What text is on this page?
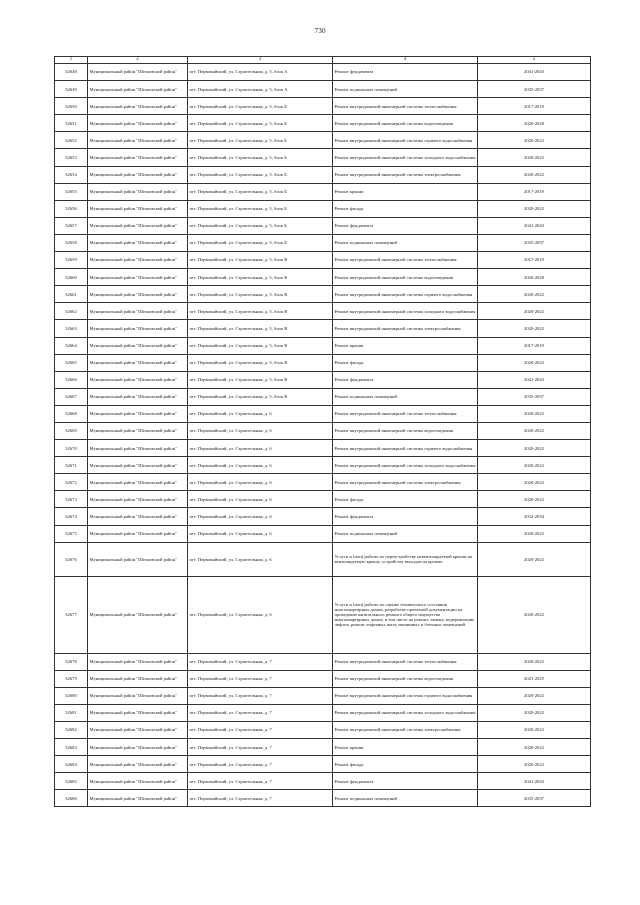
730
1	2	3	4	5
32648	Муниципальный район "Шелковской район"	пгт. Первомайский, ул. Строительная, д. 5, блок А	Ремонт фундамента	2041-2043
32649	Муниципальный район "Шелковской район"	пгт. Первомайский, ул. Строительная, д. 5, блок А	Ремонт подвальных помещений	2035-2037
32650	Муниципальный район "Шелковской район"	пгт. Первомайский, ул. Строительная, д. 5, блок Б	Ремонт внутридомовой инженерной системы теплоснабжения	2017-2019
32651	Муниципальный район "Шелковской район"	пгт. Первомайский, ул. Строительная, д. 5, блок Б	Ремонт внутридомовой инженерной системы водоотведения	2026-2028
32652	Муниципальный район "Шелковской район"	пгт. Первомайский, ул. Строительная, д. 5, блок Б	Ремонт внутридомовой инженерной системы горячего водоснабжения	2020-2022
32653	Муниципальный район "Шелковской район"	пгт. Первомайский, ул. Строительная, д. 5, блок Б	Ремонт внутридомовой инженерной системы холодного водоснабжения	2020-2022
32654	Муниципальный район "Шелковской район"	пгт. Первомайский, ул. Строительная, д. 5, блок Б	Ремонт внутридомовой инженерной системы электроснабжения	2020-2022
32655	Муниципальный район "Шелковской район"	пгт. Первомайский, ул. Строительная, д. 5, блок Б	Ремонт крыши	2017-2019
32656	Муниципальный район "Шелковской район"	пгт. Первомайский, ул. Строительная, д. 5, блок Б	Ремонт фасада	2020-2022
32657	Муниципальный район "Шелковской район"	пгт. Первомайский, ул. Строительная, д. 5, блок Б	Ремонт фундамента	2041-2043
32658	Муниципальный район "Шелковской район"	пгт. Первомайский, ул. Строительная, д. 5, блок Б	Ремонт подвальных помещений	2035-2037
32659	Муниципальный район "Шелковской район"	пгт. Первомайский, ул. Строительная, д. 5, блок В	Ремонт внутридомовой инженерной системы теплоснабжения	2017-2019
32660	Муниципальный район "Шелковской район"	пгт. Первомайский, ул. Строительная, д. 5, блок В	Ремонт внутридомовой инженерной системы водоотведения	2026-2028
32661	Муниципальный район "Шелковской район"	пгт. Первомайский, ул. Строительная, д. 5, блок В	Ремонт внутридомовой инженерной системы горячего водоснабжения	2020-2022
32662	Муниципальный район "Шелковской район"	пгт. Первомайский, ул. Строительная, д. 5, блок В	Ремонт внутридомовой инженерной системы холодного водоснабжения	2020-2022
32663	Муниципальный район "Шелковской район"	пгт. Первомайский, ул. Строительная, д. 5, блок В	Ремонт внутридомовой инженерной системы электроснабжения	2020-2022
32664	Муниципальный район "Шелковской район"	пгт. Первомайский, ул. Строительная, д. 5, блок В	Ремонт крыши	2017-2019
32665	Муниципальный район "Шелковской район"	пгт. Первомайский, ул. Строительная, д. 5, блок В	Ремонт фасада	2020-2022
32666	Муниципальный район "Шелковской район"	пгт. Первомайский, ул. Строительная, д. 5, блок В	Ремонт фундамента	2041-2043
32667	Муниципальный район "Шелковской район"	пгт. Первомайский, ул. Строительная, д. 5, блок В	Ремонт подвальных помещений	2035-2037
32668	Муниципальный район "Шелковской район"	пгт. Первомайский, ул. Строительная, д. 6	Ремонт внутридомовой инженерной системы теплоснабжения	2020-2022
32669	Муниципальный район "Шелковской район"	пгт. Первомайский, ул. Строительная, д. 6	Ремонт внутридомовой инженерной системы водоотведения	2020-2022
32670	Муниципальный район "Шелковской район"	пгт. Первомайский, ул. Строительная, д. 6	Ремонт внутридомовой инженерной системы горячего водоснабжения	2020-2022
32671	Муниципальный район "Шелковской район"	пгт. Первомайский, ул. Строительная, д. 6	Ремонт внутридомовой инженерной системы холодного водоснабжения	2020-2022
32672	Муниципальный район "Шелковской район"	пгт. Первомайский, ул. Строительная, д. 6	Ремонт внутридомовой инженерной системы электроснабжения	2020-2022
32673	Муниципальный район "Шелковской район"	пгт. Первомайский, ул. Строительная, д. 6	Ремонт фасада	2020-2022
32674	Муниципальный район "Шелковской район"	пгт. Первомайский, ул. Строительная, д. 6	Ремонт фундамента	2032-2034
32675	Муниципальный район "Шелковской район"	пгт. Первомайский, ул. Строительная, д. 6	Ремонт подвальных помещений	2020-2022
32676	Муниципальный район "Шелковской район"	пгт. Первомайский, ул. Строительная, д. 6	Услуги и (или) работы по переустройству невентилируемой крыши на вентилируемую крышу, устройству выходов на кровлю	2020-2022
32677	Муниципальный район "Шелковской район"	пгт. Первомайский, ул. Строительная, д. 6	Услуги и (или) работы по оценке технического состояния многоквартирных домов, разработке проектной документации на проведение капитального ремонта общего имущества многоквартирных домов, в том числе на ремонт, замену, модернизацию лифтов, ремонт лифтовых шахт, машинных и блочных помещений	2020-2022
32678	Муниципальный район "Шелковской район"	пгт. Первомайский, ул. Строительная, д. 7	Ремонт внутридомовой инженерной системы теплоснабжения	2020-2022
32679	Муниципальный район "Шелковской район"	пгт. Первомайский, ул. Строительная, д. 7	Ремонт внутридомовой инженерной системы водоотведения	2023-2025
32680	Муниципальный район "Шелковской район"	пгт. Первомайский, ул. Строительная, д. 7	Ремонт внутридомовой инженерной системы горячего водоснабжения	2020-2022
32681	Муниципальный район "Шелковской район"	пгт. Первомайский, ул. Строительная, д. 7	Ремонт внутридомовой инженерной системы холодного водоснабжения	2020-2022
32682	Муниципальный район "Шелковской район"	пгт. Первомайский, ул. Строительная, д. 7	Ремонт внутридомовой инженерной системы электроснабжения	2020-2022
32683	Муниципальный район "Шелковской район"	пгт. Первомайский, ул. Строительная, д. 7	Ремонт крыши	2020-2022
32684	Муниципальный район "Шелковской район"	пгт. Первомайский, ул. Строительная, д. 7	Ремонт фасада	2020-2022
32685	Муниципальный район "Шелковской район"	пгт. Первомайский, ул. Строительная, д. 7	Ремонт фундамента	2041-2043
32686	Муниципальный район "Шелковской район"	пгт. Первомайский, ул. Строительная, д. 7	Ремонт подвальных помещений	2035-2037
